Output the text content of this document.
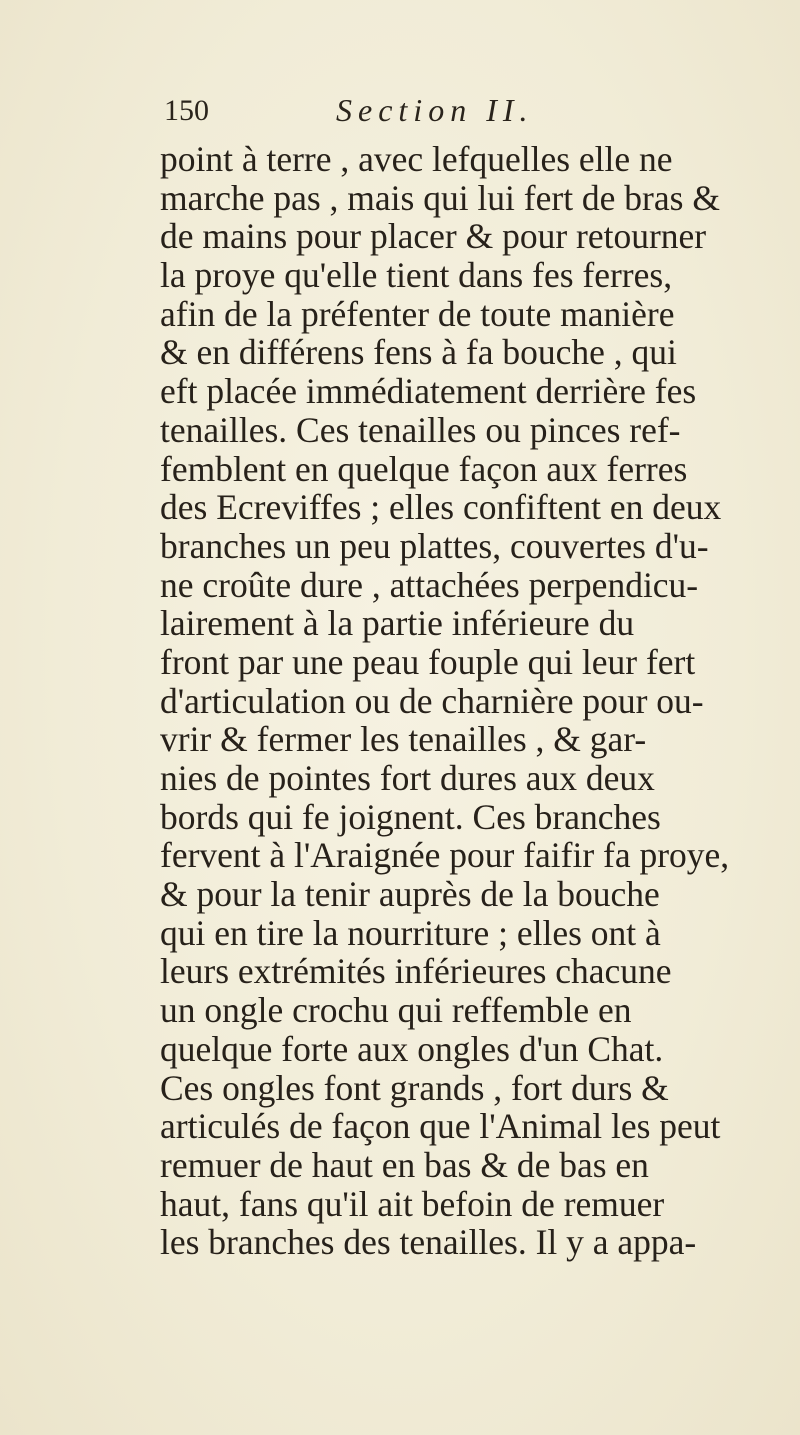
150	Section II.
point à terre , avec lefquelles elle ne
marche pas , mais qui lui fert de bras &
de mains pour placer & pour retourner
la proye qu'elle tient dans fes ferres,
afin de la préfenter de toute manière
& en différens fens à fa bouche , qui
eft placée immédiatement derrière fes
tenailles. Ces tenailles ou pinces ref-
femblent en quelque façon aux ferres
des Ecreviffes ; elles confiftent en deux
branches un peu plattes, couvertes d'u-
ne croûte dure , attachées perpendicu-
lairement à la partie inférieure du
front par une peau fouple qui leur fert
d'articulation ou de charnière pour ou-
vrir & fermer les tenailles , & gar-
nies de pointes fort dures aux deux
bords qui fe joignent. Ces branches
fervent à l'Araignée pour faifir fa proye,
& pour la tenir auprès de la bouche
qui en tire la nourriture ; elles ont à
leurs extrémités inférieures chacune
un ongle crochu qui reffemble en
quelque forte aux ongles d'un Chat.
Ces ongles font grands , fort durs &
articulés de façon que l'Animal les peut
remuer de haut en bas & de bas en
haut, fans qu'il ait befoin de remuer
les branches des tenailles. Il y a appa-
